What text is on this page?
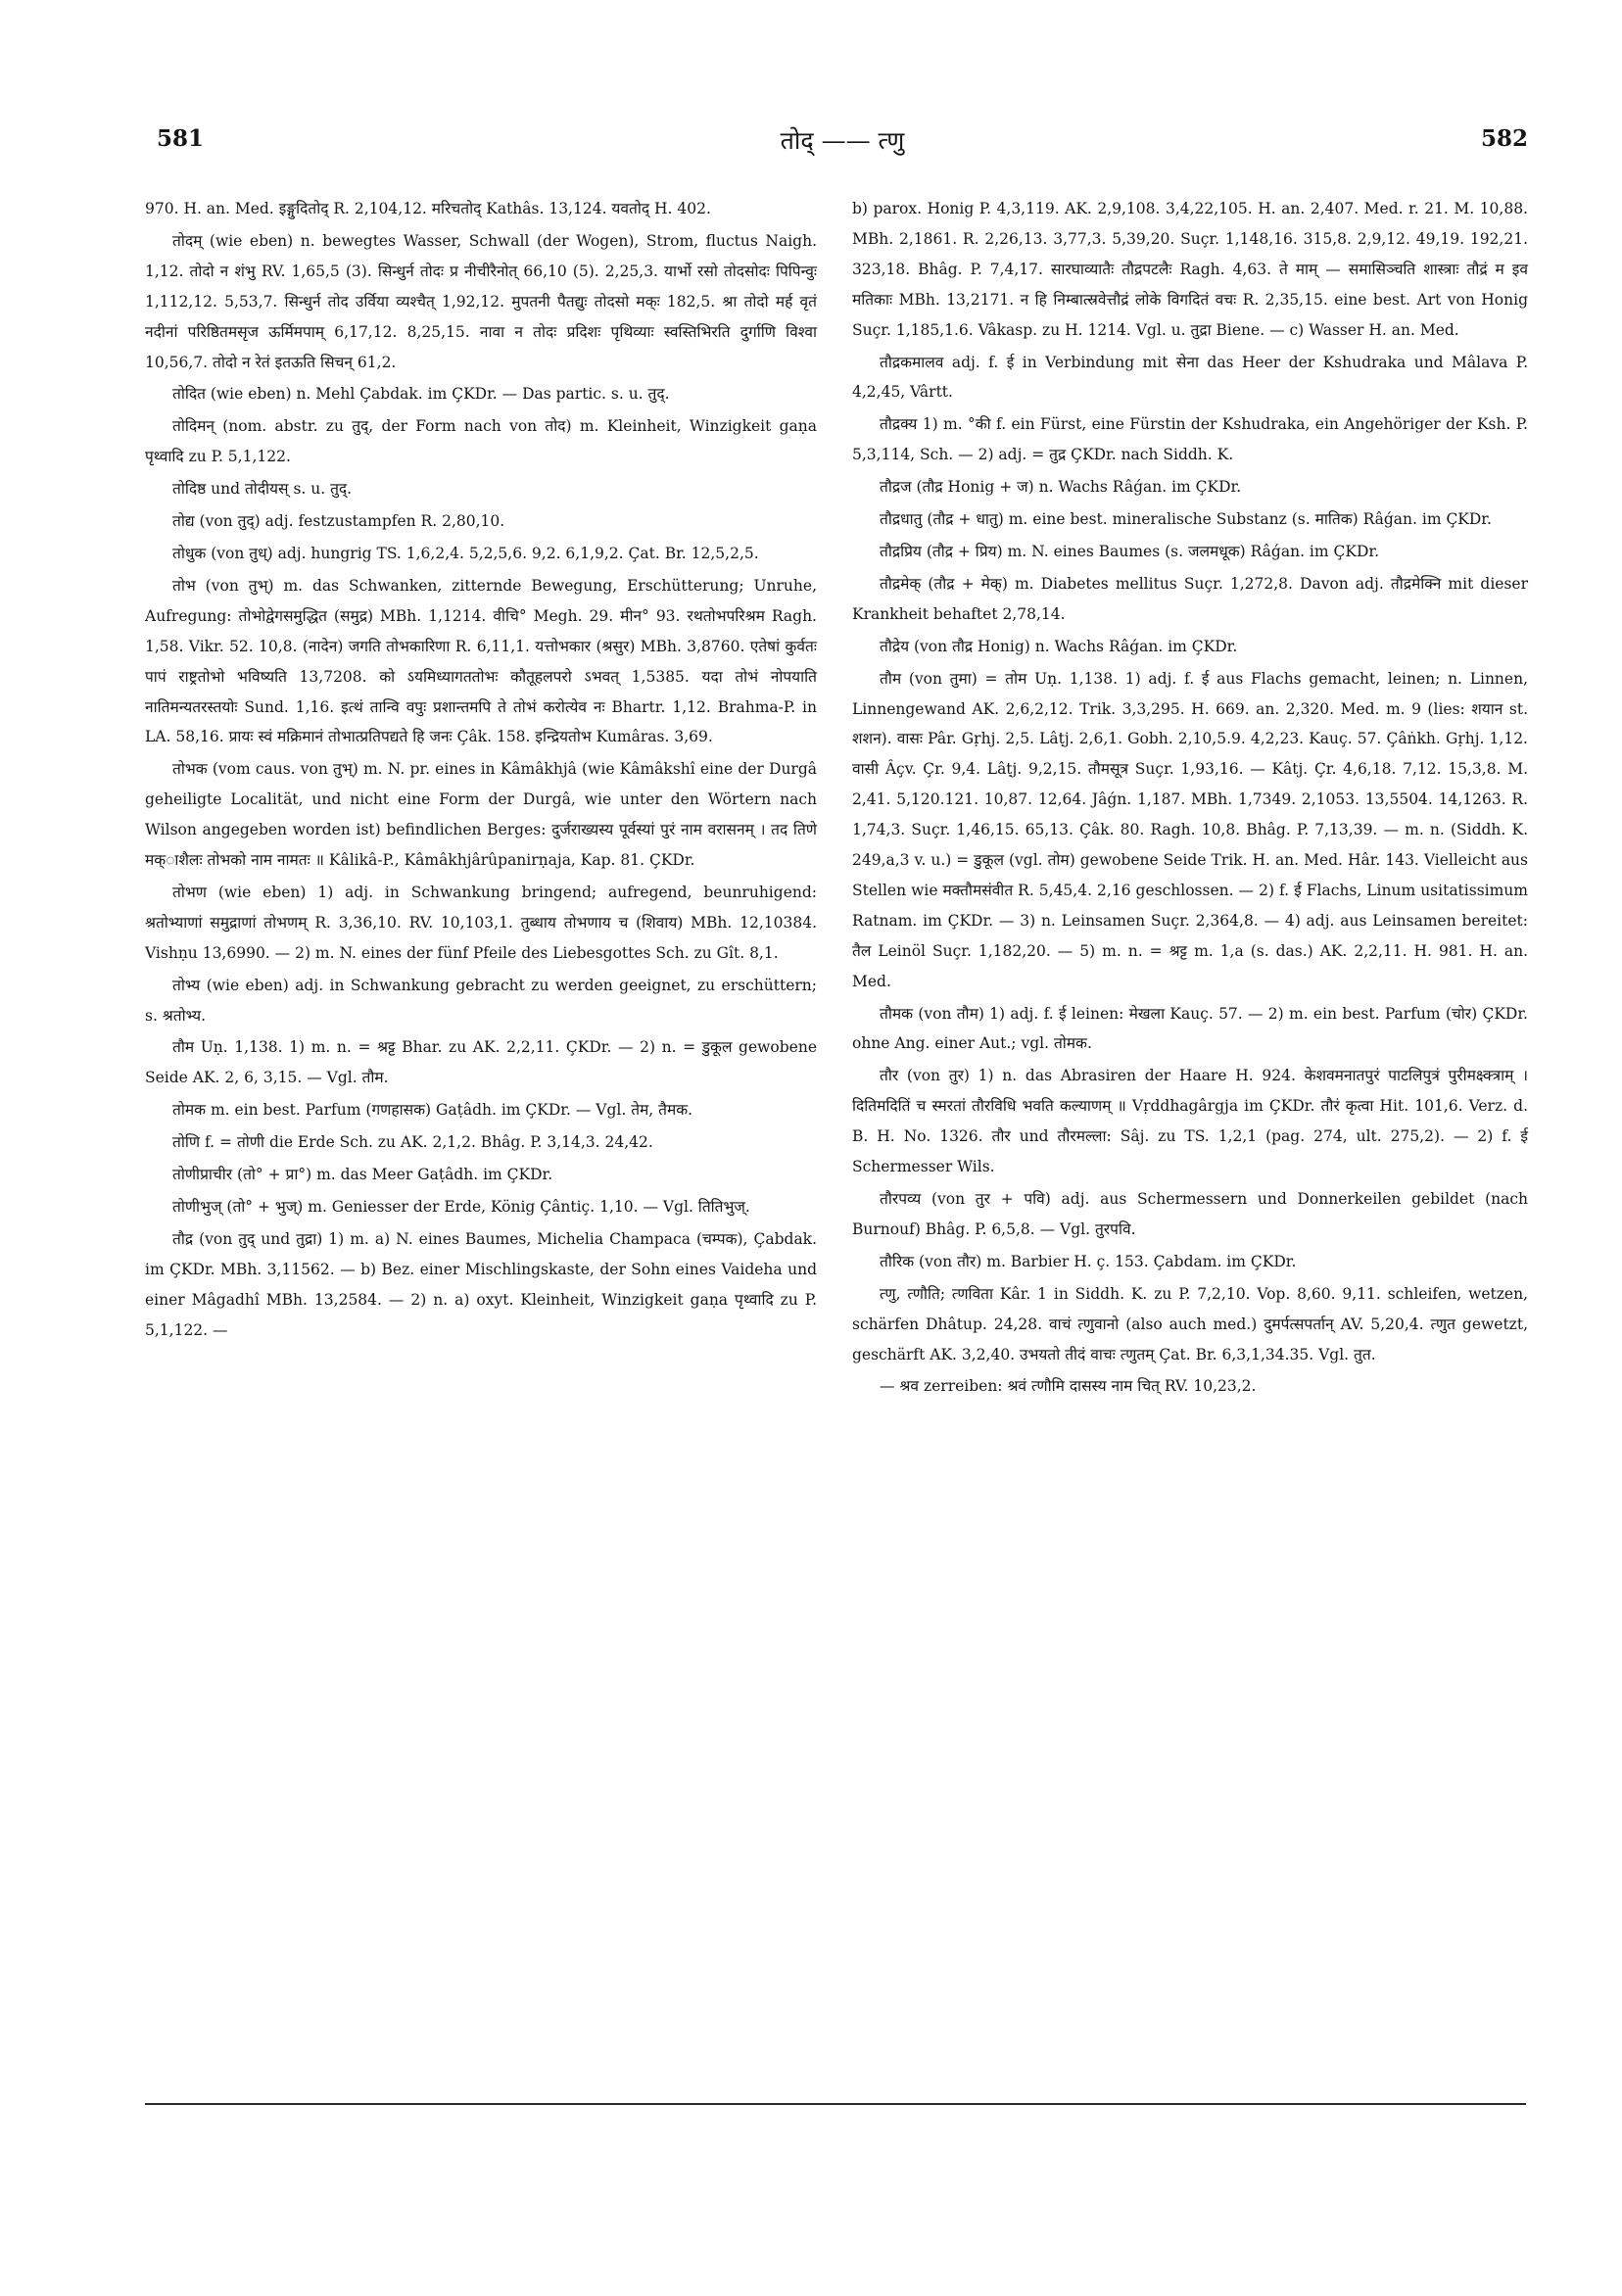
581	तोद् —— त्णु	582

970. H. an. Med. इङ्गुदितोद् R. 2,104,12. मरिचतोद् Kathâs. 13,124. यवतोद् H. 402.

तोदम् (wie eben) n. bewegtes Wasser, Schwall (der Wogen), Strom, fluctus Naigh. 1,12. तोदो न शंभु RV. 1,65,5 (3). सिन्धुर्न तोदः प्र नीचीरैनोत् 66,10 (5). 2,25,3. यार्भो रसो तोदसोदः पिपिन्वुः 1,112,12. 5,53,7. सिन्धुर्न तोद उर्विया व्यश्चैत् 1,92,12. मुपतनी पैतद्युः तोदसो मक्ः 182,5. श्रा तोदो मर्ह वृतं नदीनां परिष्ठितमसृज ऊर्मिमपाम् 6,17,12. 8,25,15. नावा न तोदः प्रदिशः पृथिव्याः स्वस्तिभिरति दुर्गाणि विश्वा 10,56,7. तोदो न रेतं इतऊति सिचन् 61,2.

तोदित (wie eben) n. Mehl Çabdak. im ÇKDr. — Das partic. s. u. तुद्.

तोदिमन् (nom. abstr. zu तुद्, der Form nach von तोद) m. Kleinheit, Winzigkeit gaṇa पृथ्वादि zu P. 5,1,122.

तोदिष्ठ und तोदीयस् s. u. तुद्.

तोद्य (von तुद्) adj. festzustampfen R. 2,80,10.

तोधुक (von तुध्) adj. hungrig TS. 1,6,2,4. 5,2,5,6. 9,2. 6,1,9,2. Çat. Br. 12,5,2,5.

तोभ (von तुभ्) m. das Schwanken, zitternde Bewegung, Erschütterung; Unruhe, Aufregung: तोभोद्वेगसमुद्धित (समुद्र) MBh. 1,1214. वीचि° Megh. 29. मीन° 93. रथतोभपरिश्रम Ragh. 1,58. Vikr. 52. 10,8. (नादेन) जगति तोभकारिणा R. 6,11,1. यत्तोभकार (श्रसुर) MBh. 3,8760. एतेषां कुर्वतः पापं राष्ट्रतोभो भविष्यति 13,7208. को ऽयमिध्यागततोभः कौतूहलपरो ऽभवत् 1,5385. यदा तोभं नोपयाति नातिमन्यतरस्तयोः Sund. 1,16. इत्थं तान्वि वपुः प्रशान्तमपि ते तोभं करोत्येव नः Bhartr. 1,12. Brahma-P. in LA. 58,16. प्रायः स्वं मक्रिमानं तोभात्प्रतिपद्यते हि जनः Çâk. 158. इन्द्रियतोभ Kumâras. 3,69.

तोभक (vom caus. von तुभ्) m. N. pr. eines in Kâmâkhjâ (wie Kâmâkshî eine der Durgâ geheiligte Localität, und nicht eine Form der Durgâ, wie unter den Wörtern nach Wilson angegeben worden ist) befindlichen Berges: दुर्जराख्यस्य पूर्वस्यां पुरं नाम वरासनम् । तद तिणे मक्ाशैलः तोभको नाम नामतः ॥ Kâlikâ-P., Kâmâkhjârûpanirṇaja, Kap. 81. ÇKDr.

तोभण (wie eben) 1) adj. in Schwankung bringend; aufregend, beunruhigend: श्रतोभ्याणां समुद्राणां तोभणम् R. 3,36,10. RV. 10,103,1. तुब्धाय तोभणाय च (शिवाय) MBh. 12,10384. Vishṇu 13,6990. — 2) m. N. eines der fünf Pfeile des Liebesgottes Sch. zu Gît. 8,1.

तोभ्य (wie eben) adj. in Schwankung gebracht zu werden geeignet, zu erschüttern; s. श्रतोभ्य.

तौम Uṇ. 1,138. 1) m. n. = श्रट्ट Bhar. zu AK. 2,2,11. ÇKDr. — 2) n. = डुकूल gewobene Seide AK. 2, 6, 3,15. — Vgl. तौम.

तोमक m. ein best. Parfum (गणहासक) Gaṭâdh. im ÇKDr. — Vgl. तेम, तैमक.

तोणि f. = तोणी die Erde Sch. zu AK. 2,1,2. Bhâg. P. 3,14,3. 24,42.

तोणीप्राचीर (तो° + प्रा°) m. das Meer Gaṭâdh. im ÇKDr.

तोणीभुज् (तो° + भुज्) m. Geniesser der Erde, König Çântiç. 1,10. — Vgl. तितिभुज्.

तौद्र (von तुद् und तुद्रा) 1) m. a) N. eines Baumes, Michelia Champaca (चम्पक), Çabdak. im ÇKDr. MBh. 3,11562. — b) Bez. einer Mischlingskaste, der Sohn eines Vaideha und einer Mâgadhî MBh. 13,2584. — 2) n. a) oxyt. Kleinheit, Winzigkeit gaṇa पृथ्वादि zu P. 5,1,122. —

b) parox. Honig P. 4,3,119. AK. 2,9,108. 3,4,22,105. H. an. 2,407. Med. r. 21. M. 10,88. MBh. 2,1861. R. 2,26,13. 3,77,3. 5,39,20. Suçr. 1,148,16. 315,8. 2,9,12. 49,19. 192,21. 323,18. Bhâg. P. 7,4,17. सारघाव्यातैः तौद्रपटलैः Ragh. 4,63. ते माम् — समासिञ्चति शास्त्राः तौद्रं म इव मतिकाः MBh. 13,2171. न हि निम्बात्स्रवेत्तौद्रं लोके विगदितं वचः R. 2,35,15. eine best. Art von Honig Suçr. 1,185,1.6. Vâkasp. zu H. 1214. Vgl. u. तुद्रा Biene. — c) Wasser H. an. Med.

तौद्रकमालव adj. f. ई in Verbindung mit सेना das Heer der Kshudraka und Mâlava P. 4,2,45, Vârtt.

तौद्रक्य 1) m. °की f. ein Fürst, eine Fürstin der Kshudraka, ein Angehöriger der Ksh. P. 5,3,114, Sch. — 2) adj. = तुद्र ÇKDr. nach Siddh. K.

तौद्रज (तौद्र Honig + ज) n. Wachs Râǵan. im ÇKDr.

तौद्रधातु (तौद्र + धातु) m. eine best. mineralische Substanz (s. मातिक) Râǵan. im ÇKDr.

तौद्रप्रिय (तौद्र + प्रिय) m. N. eines Baumes (s. जलमधूक) Râǵan. im ÇKDr.

तौद्रमेक् (तौद्र + मेक्) m. Diabetes mellitus Suçr. 1,272,8. Davon adj. तौद्रमेक्नि mit dieser Krankheit behaftet 2,78,14.

तौद्रेय (von तौद्र Honig) n. Wachs Râǵan. im ÇKDr.

तौम (von तुमा) = तोम Uṇ. 1,138. 1) adj. f. ई aus Flachs gemacht, leinen; n. Linnen, Linnengewand AK. 2,6,2,12. Trik. 3,3,295. H. 669. an. 2,320. Med. m. 9 (lies: शयान st. शशन). वासः Pâr. Gṛhj. 2,5. Lâṭj. 2,6,1. Gobh. 2,10,5.9. 4,2,23. Kauç. 57. Çâṅkh. Gṛhj. 1,12. वासी Âçv. Çr. 9,4. Lâṭj. 9,2,15. तौमसूत्र Suçr. 1,93,16. — Kâtj. Çr. 4,6,18. 7,12. 15,3,8. M. 2,41. 5,120.121. 10,87. 12,64. Jâǵn. 1,187. MBh. 1,7349. 2,1053. 13,5504. 14,1263. R. 1,74,3. Suçr. 1,46,15. 65,13. Çâk. 80. Ragh. 10,8. Bhâg. P. 7,13,39. — m. n. (Siddh. K. 249,a,3 v. u.) = डुकूल (vgl. तोम) gewobene Seide Trik. H. an. Med. Hâr. 143. Vielleicht aus Stellen wie मक्तौमसंवीत R. 5,45,4. 2,16 geschlossen. — 2) f. ई Flachs, Linum usitatissimum Ratnam. im ÇKDr. — 3) n. Leinsamen Suçr. 2,364,8. — 4) adj. aus Leinsamen bereitet: तैल Leinöl Suçr. 1,182,20. — 5) m. n. = श्रट्ट m. 1,a (s. das.) AK. 2,2,11. H. 981. H. an. Med.

तौमक (von तौम) 1) adj. f. ई leinen: मेखला Kauç. 57. — 2) m. ein best. Parfum (चोर) ÇKDr. ohne Ang. einer Aut.; vgl. तोमक.

तौर (von तुर) 1) n. das Abrasiren der Haare H. 924. केशवमनातपुरं पाटलिपुत्रं पुरीमक्ष्क्त्राम् । दितिमदितिं च स्मरतां तौरविधि भवति कल्याणम् ॥ Vṛddhagârgja im ÇKDr. तौरं कृत्वा Hit. 101,6. Verz. d. B. H. No. 1326. तौर und तौरमल्ला: Sâj. zu TS. 1,2,1 (pag. 274, ult. 275,2). — 2) f. ई Schermesser Wils.

तौरपव्य (von तुर + पवि) adj. aus Schermessern und Donnerkeilen gebildet (nach Burnouf) Bhâg. P. 6,5,8. — Vgl. तुरपवि.

तौरिक (von तौर) m. Barbier H. ç. 153. Çabdam. im ÇKDr.

त्णु, त्णौति; त्णविता Kâr. 1 in Siddh. K. zu P. 7,2,10. Vop. 8,60. 9,11. schleifen, wetzen, schärfen Dhâtup. 24,28. वाचं त्णुवानो (also auch med.) दुमर्पत्सपर्तान् AV. 5,20,4. त्णुत gewetzt, geschärft AK. 3,2,40. उभयतो तीदं वाचः त्णुतम् Çat. Br. 6,3,1,34.35. Vgl. तुत.

— श्रव zerreiben: श्रवं त्णौमि दासस्य नाम चित् RV. 10,23,2.
